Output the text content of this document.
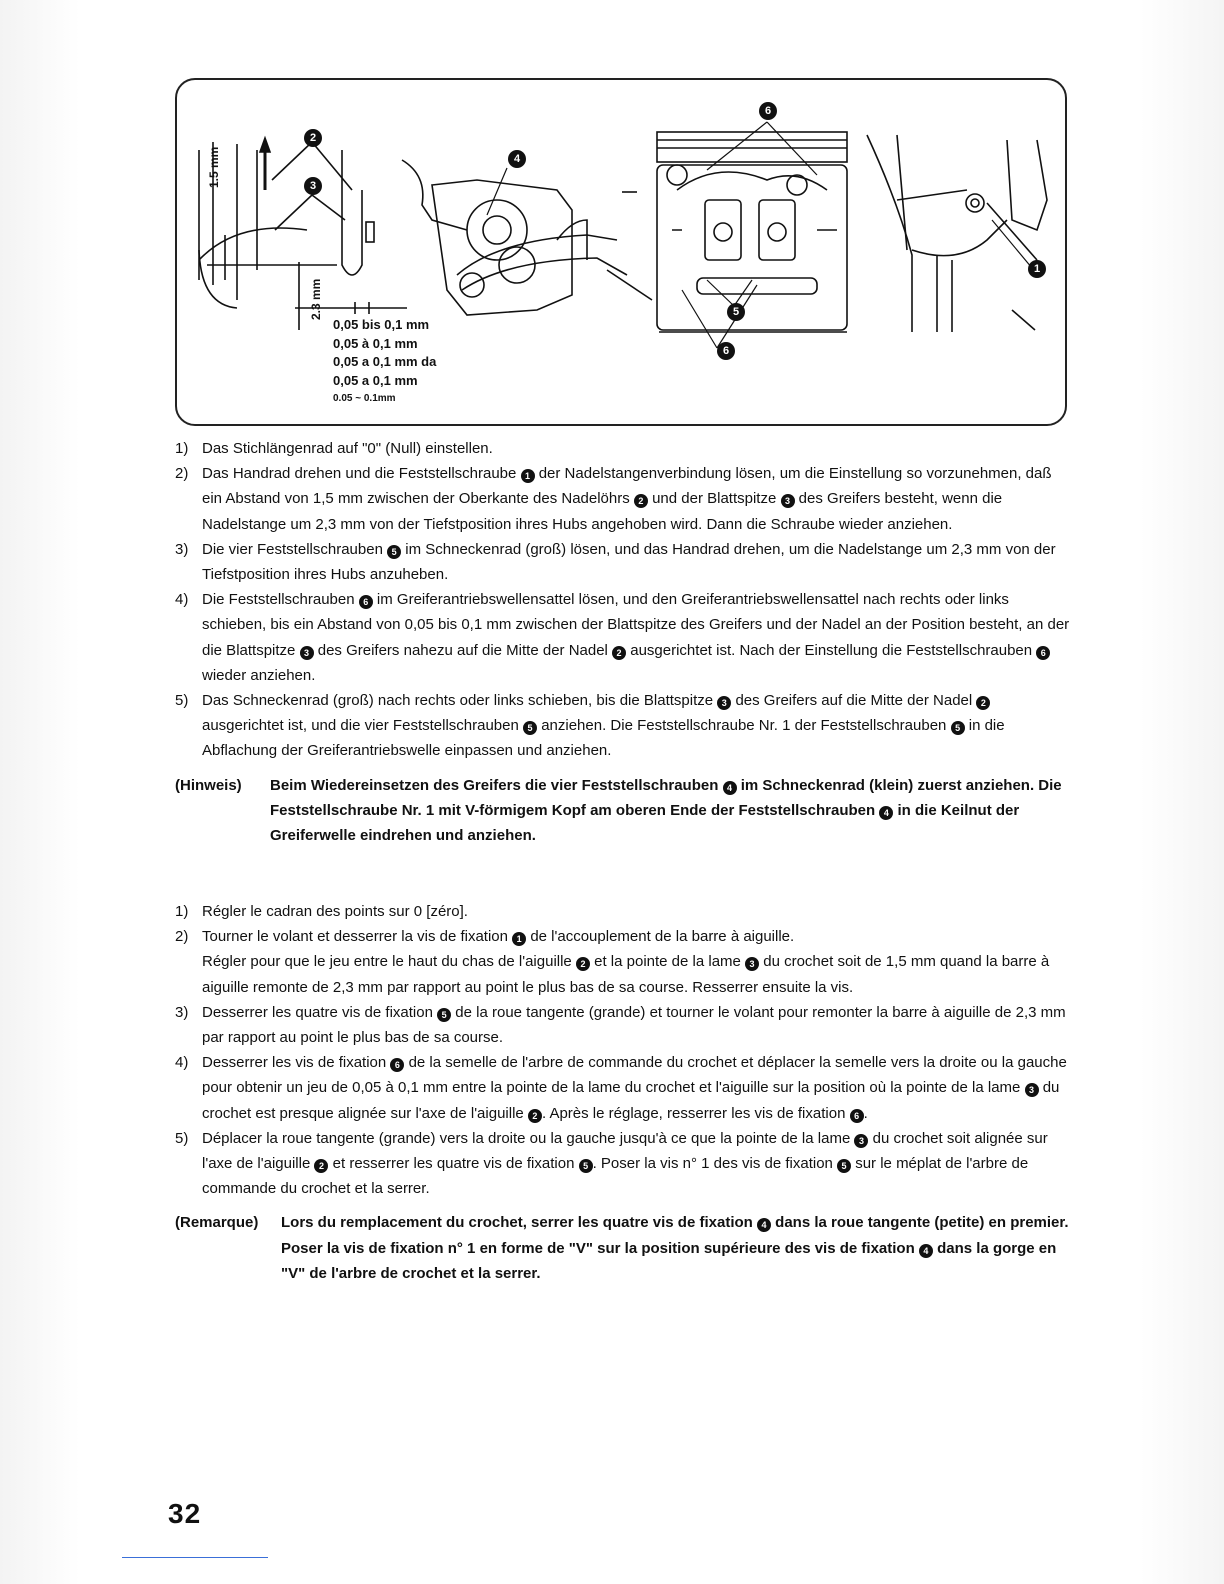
2
3
4
6
5
6
1
1.5 mm
2.3 mm
0,05 bis 0,1 mm
0,05 à 0,1 mm
0,05 a 0,1 mm da
0,05 a 0,1 mm
0.05 ~ 0.1mm
1) Das Stichlängenrad auf "0" (Null) einstellen.
2) Das Handrad drehen und die Feststellschraube 1 der Nadelstangenverbindung lösen, um die Einstellung so vorzunehmen, daß ein Abstand von 1,5 mm zwischen der Oberkante des Nadelöhrs 2 und der Blattspitze 3 des Greifers besteht, wenn die Nadelstange um 2,3 mm von der Tiefstposition ihres Hubs angehoben wird. Dann die Schraube wieder anziehen.
3) Die vier Feststellschrauben 5 im Schneckenrad (groß) lösen, und das Handrad drehen, um die Nadelstange um 2,3 mm von der Tiefstposition ihres Hubs anzuheben.
4) Die Feststellschrauben 6 im Greiferantriebswellensattel lösen, und den Greiferantriebswellensattel nach rechts oder links schieben, bis ein Abstand von 0,05 bis 0,1 mm zwischen der Blattspitze des Greifers und der Nadel an der Position besteht, an der die Blattspitze 3 des Greifers nahezu auf die Mitte der Nadel 2 ausgerichtet ist. Nach der Einstellung die Feststellschrauben 6 wieder anziehen.
5) Das Schneckenrad (groß) nach rechts oder links schieben, bis die Blattspitze 3 des Greifers auf die Mitte der Nadel 2 ausgerichtet ist, und die vier Feststellschrauben 5 anziehen. Die Feststellschraube Nr. 1 der Feststellschrauben 5 in die Abflachung der Greiferantriebswelle einpassen und anziehen.
(Hinweis) Beim Wiedereinsetzen des Greifers die vier Feststellschrauben 4 im Schneckenrad (klein) zuerst anziehen. Die Feststellschraube Nr. 1 mit V-förmigem Kopf am oberen Ende der Feststellschrauben 4 in die Keilnut der Greiferwelle eindrehen und anziehen.
1) Régler le cadran des points sur 0 [zéro].
2) Tourner le volant et desserrer la vis de fixation 1 de l'accouplement de la barre à aiguille.
Régler pour que le jeu entre le haut du chas de l'aiguille 2 et la pointe de la lame 3 du crochet soit de 1,5 mm quand la barre à aiguille remonte de 2,3 mm par rapport au point le plus bas de sa course. Resserrer ensuite la vis.
3) Desserrer les quatre vis de fixation 5 de la roue tangente (grande) et tourner le volant pour remonter la barre à aiguille de 2,3 mm par rapport au point le plus bas de sa course.
4) Desserrer les vis de fixation 6 de la semelle de l'arbre de commande du crochet et déplacer la semelle vers la droite ou la gauche pour obtenir un jeu de 0,05 à 0,1 mm entre la pointe de la lame du crochet et l'aiguille sur la position où la pointe de la lame 3 du crochet est presque alignée sur l'axe de l'aiguille 2 . Après le réglage, resserrer les vis de fixation 6 .
5) Déplacer la roue tangente (grande) vers la droite ou la gauche jusqu'à ce que la pointe de la lame 3 du crochet soit alignée sur l'axe de l'aiguille 2 et resserrer les quatre vis de fixation 5 . Poser la vis n° 1 des vis de fixation 5 sur le méplat de l'arbre de commande du crochet et la serrer.
(Remarque) Lors du remplacement du crochet, serrer les quatre vis de fixation 4 dans la roue tangente (petite) en premier. Poser la vis de fixation n° 1 en forme de "V" sur la position supérieure des vis de fixation 4 dans la gorge en "V" de l'arbre de crochet et la serrer.
32
